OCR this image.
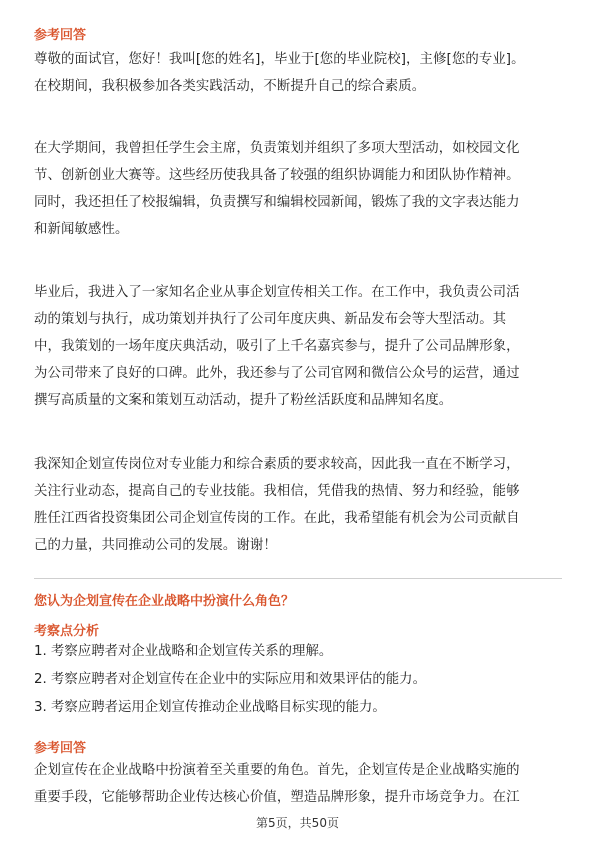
参考回答

尊敬的面试官，您好！我叫[您的姓名]，毕业于[您的毕业院校]，主修[您的专业]。

在校期间，我积极参加各类实践活动，不断提升自己的综合素质。

在大学期间，我曾担任学生会主席，负责策划并组织了多项大型活动，如校园文化

节、创新创业大赛等。这些经历使我具备了较强的组织协调能力和团队协作精神。

同时，我还担任了校报编辑，负责撰写和编辑校园新闻，锻炼了我的文字表达能力

和新闻敏感性。

毕业后，我进入了一家知名企业从事企划宣传相关工作。在工作中，我负责公司活

动的策划与执行，成功策划并执行了公司年度庆典、新品发布会等大型活动。其

中，我策划的一场年度庆典活动，吸引了上千名嘉宾参与，提升了公司品牌形象，

为公司带来了良好的口碑。此外，我还参与了公司官网和微信公众号的运营，通过

撰写高质量的文案和策划互动活动，提升了粉丝活跃度和品牌知名度。

我深知企划宣传岗位对专业能力和综合素质的要求较高，因此我一直在不断学习，

关注行业动态，提高自己的专业技能。我相信，凭借我的热情、努力和经验，能够

胜任江西省投资集团公司企划宣传岗的工作。在此，我希望能有机会为公司贡献自

己的力量，共同推动公司的发展。谢谢！

您认为企划宣传在企业战略中扮演什么角色？
考察点分析

1. 考察应聘者对企业战略和企划宣传关系的理解。

2. 考察应聘者对企划宣传在企业中的实际应用和效果评估的能力。

3. 考察应聘者运用企划宣传推动企业战略目标实现的能力。

参考回答

企划宣传在企业战略中扮演着至关重要的角色。首先，企划宣传是企业战略实施的

重要手段，它能够帮助企业传达核心价值，塑造品牌形象，提升市场竞争力。在江

第5页，共50页
